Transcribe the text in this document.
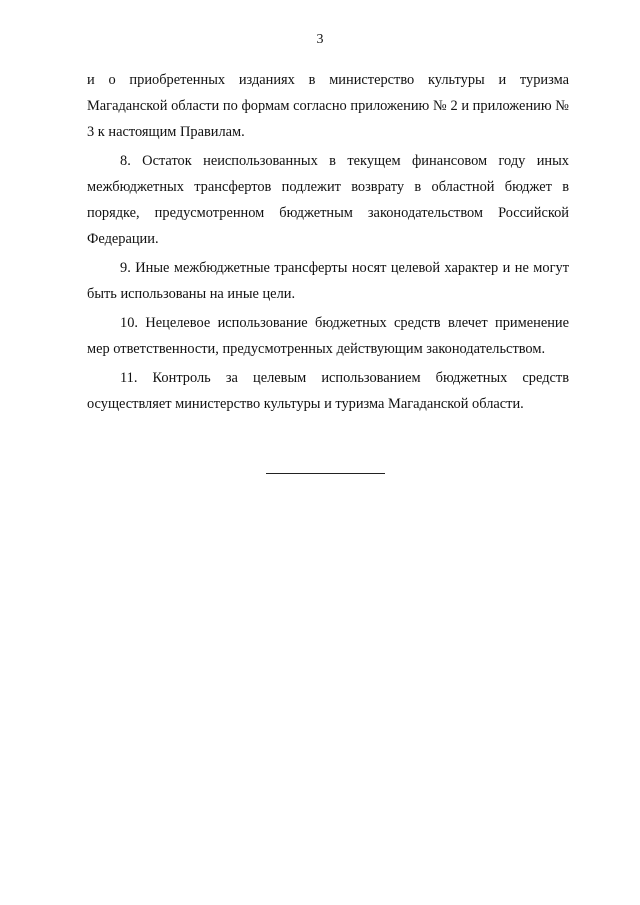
3

и о приобретенных изданиях в министерство культуры и туризма Магаданской области по формам согласно приложению № 2 и приложению № 3 к настоящим Правилам.

8. Остаток неиспользованных в текущем финансовом году иных межбюджетных трансфертов подлежит возврату в областной бюджет в порядке, предусмотренном бюджетным законодательством Российской Федерации.

9. Иные межбюджетные трансферты носят целевой характер и не могут быть использованы на иные цели.

10. Нецелевое использование бюджетных средств влечет применение мер ответственности, предусмотренных действующим законодательством.

11. Контроль за целевым использованием бюджетных средств осуществляет министерство культуры и туризма Магаданской области.
